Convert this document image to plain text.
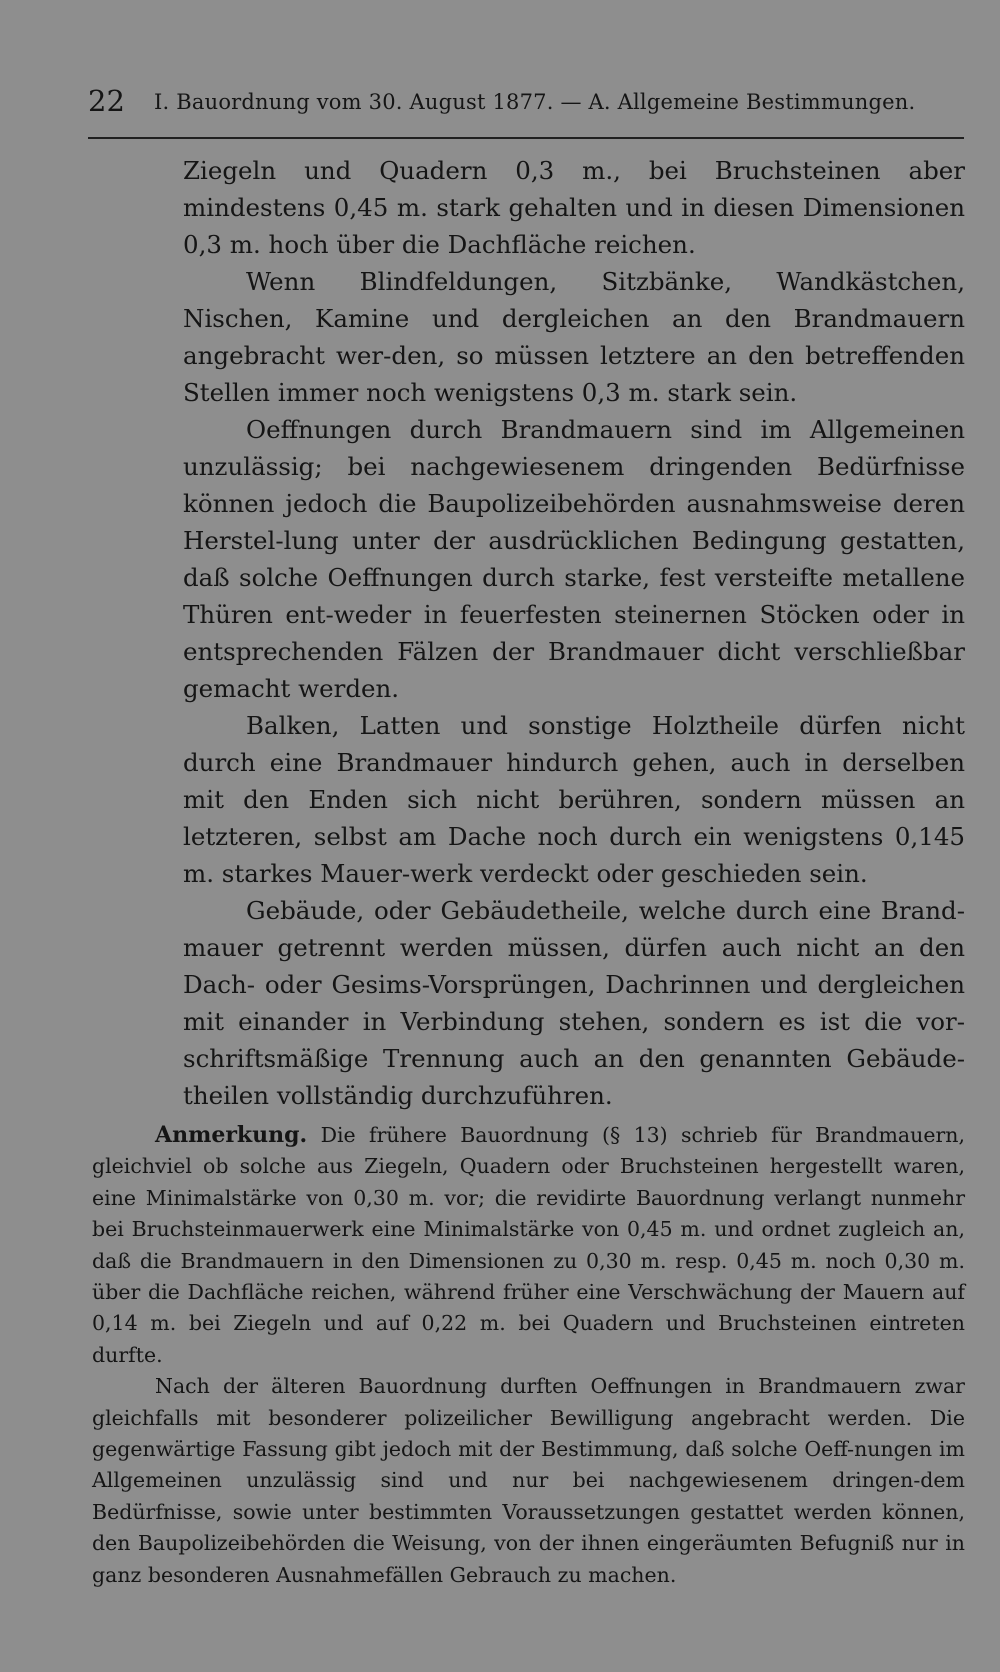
22 I. Bauordnung vom 30. August 1877. — A. Allgemeine Bestimmungen.

Ziegeln und Quadern 0,3 m., bei Bruchsteinen aber mindestens 0,45 m. stark gehalten und in diesen Dimensionen 0,3 m. hoch über die Dachfläche reichen.

Wenn Blindfeldungen, Sitzbänke, Wandkästchen, Nischen, Kamine und dergleichen an den Brandmauern angebracht wer-den, so müssen letztere an den betreffenden Stellen immer noch wenigstens 0,3 m. stark sein.

Oeffnungen durch Brandmauern sind im Allgemeinen unzulässig; bei nachgewiesenem dringenden Bedürfnisse können jedoch die Baupolizeibehörden ausnahmsweise deren Herstel-lung unter der ausdrücklichen Bedingung gestatten, daß solche Oeffnungen durch starke, fest versteifte metallene Thüren ent-weder in feuerfesten steinernen Stöcken oder in entsprechenden Fälzen der Brandmauer dicht verschließbar gemacht werden.

Balken, Latten und sonstige Holztheile dürfen nicht durch eine Brandmauer hindurch gehen, auch in derselben mit den Enden sich nicht berühren, sondern müssen an letzteren, selbst am Dache noch durch ein wenigstens 0,145 m. starkes Mauer-werk verdeckt oder geschieden sein.

Gebäude, oder Gebäudetheile, welche durch eine Brand-mauer getrennt werden müssen, dürfen auch nicht an den Dach- oder Gesims-Vorsprüngen, Dachrinnen und dergleichen mit einander in Verbindung stehen, sondern es ist die vor-schriftsmäßige Trennung auch an den genannten Gebäude-theilen vollständig durchzuführen.

Anmerkung. Die frühere Bauordnung (§ 13) schrieb für Brandmauern, gleichviel ob solche aus Ziegeln, Quadern oder Bruchsteinen hergestellt waren, eine Minimalstärke von 0,30 m. vor; die revidirte Bauordnung verlangt nunmehr bei Bruchsteinmauerwerk eine Minimalstärke von 0,45 m. und ordnet zugleich an, daß die Brandmauern in den Dimensionen zu 0,30 m. resp. 0,45 m. noch 0,30 m. über die Dachfläche reichen, während früher eine Verschwächung der Mauern auf 0,14 m. bei Ziegeln und auf 0,22 m. bei Quadern und Bruchsteinen eintreten durfte.

Nach der älteren Bauordnung durften Oeffnungen in Brandmauern zwar gleichfalls mit besonderer polizeilicher Bewilligung angebracht werden. Die gegenwärtige Fassung gibt jedoch mit der Bestimmung, daß solche Oeff-nungen im Allgemeinen unzulässig sind und nur bei nachgewiesenem dringen-dem Bedürfnisse, sowie unter bestimmten Voraussetzungen gestattet werden können, den Baupolizeibehörden die Weisung, von der ihnen eingeräumten Befugniß nur in ganz besonderen Ausnahmefällen Gebrauch zu machen.
